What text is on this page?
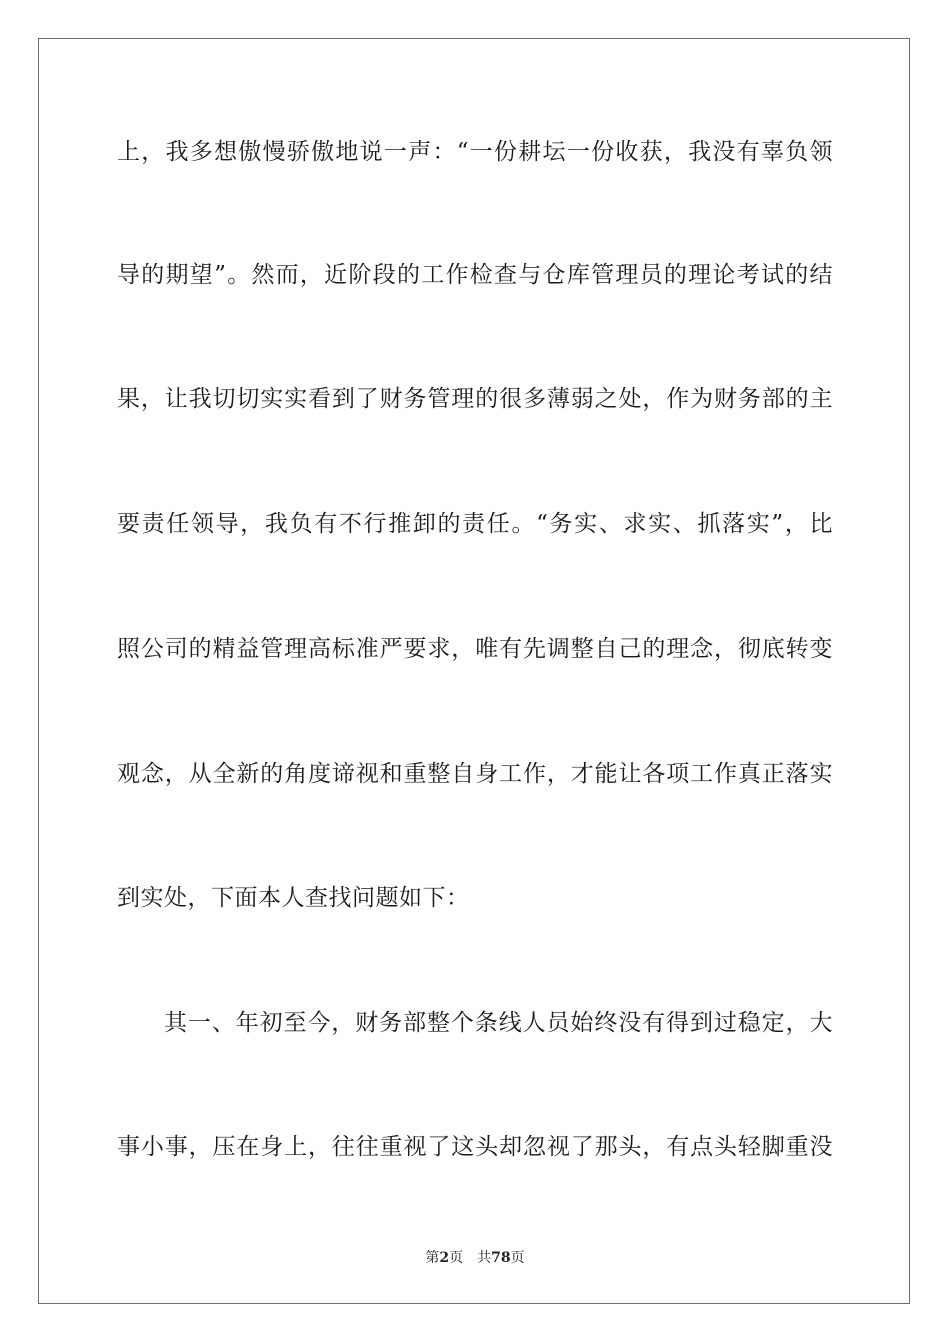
上，我多想傲慢骄傲地说一声：“一份耕坛一份收获，我没有辜负领
导的期望”。然而，近阶段的工作检查与仓库管理员的理论考试的结
果，让我切切实实看到了财务管理的很多薄弱之处，作为财务部的主
要责任领导，我负有不行推卸的责任。“务实、求实、抓落实”，比
照公司的精益管理高标准严要求，唯有先调整自己的理念，彻底转变
观念，从全新的角度谛视和重整自身工作，才能让各项工作真正落实
到实处，下面本人查找问题如下：
其一、年初至今，财务部整个条线人员始终没有得到过稳定，大
事小事，压在身上，往往重视了这头却忽视了那头，有点头轻脚重没
第2页 共78页
